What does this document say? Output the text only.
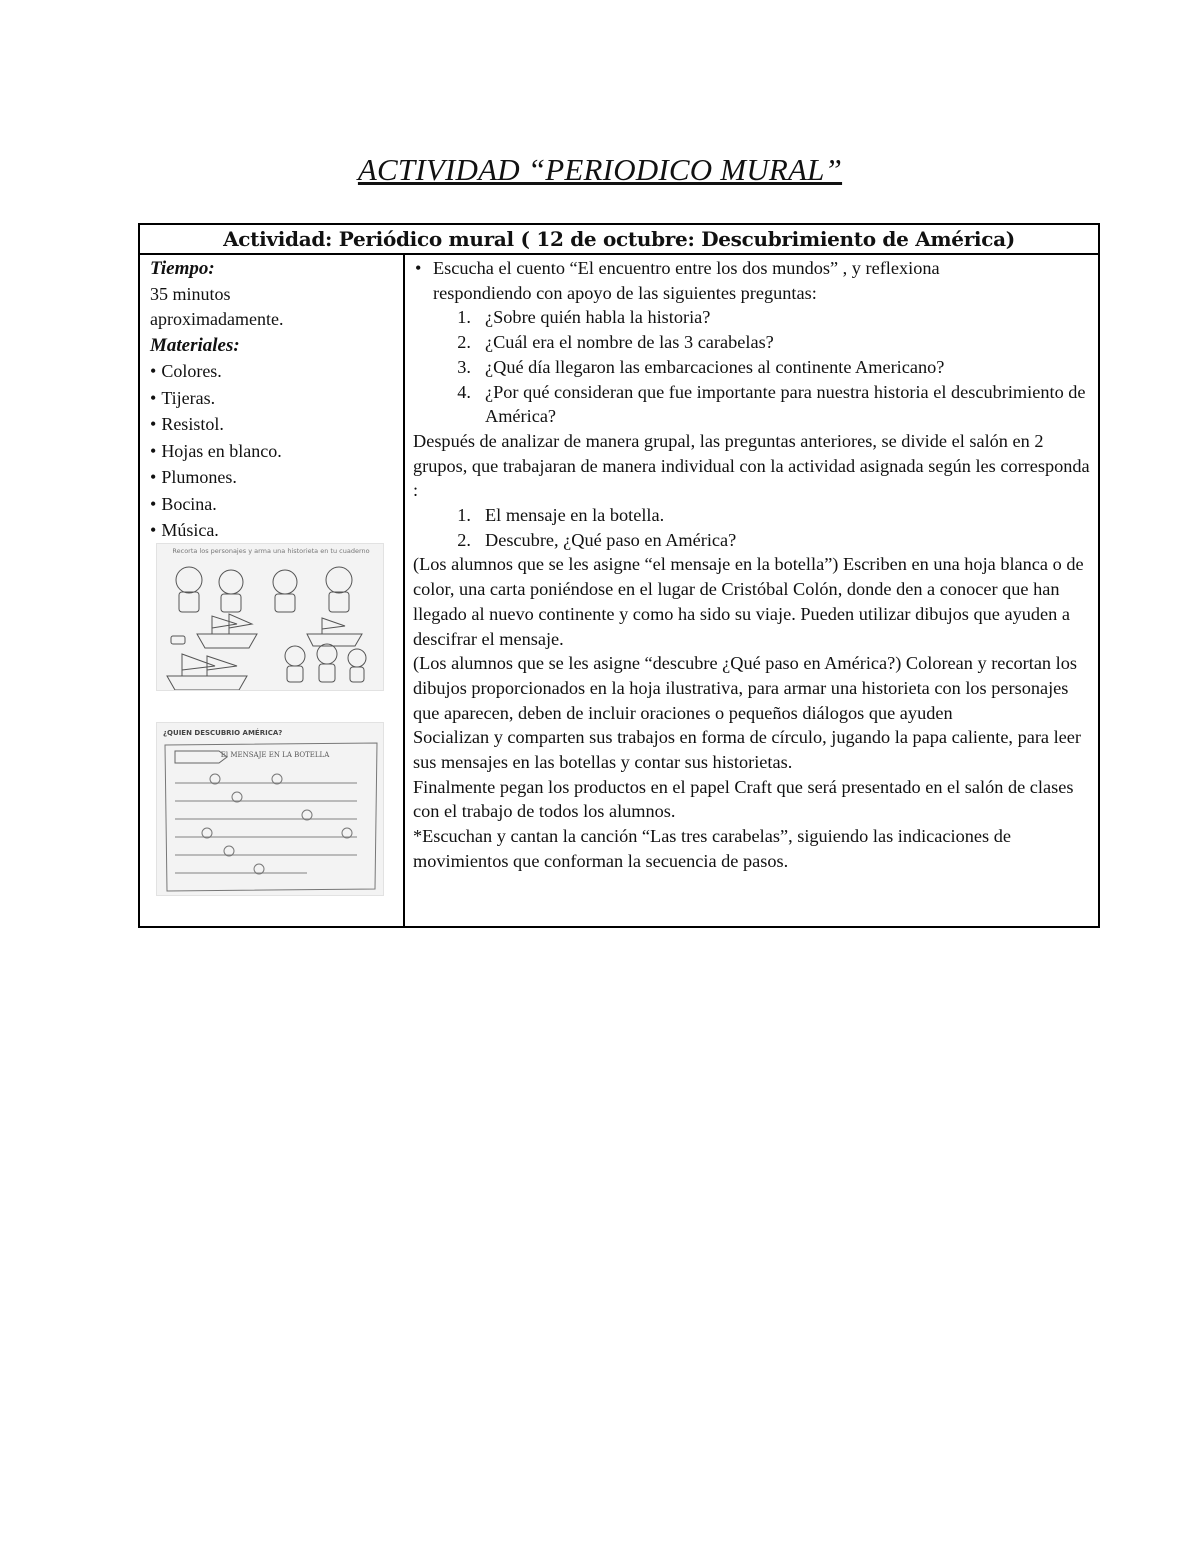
ACTIVIDAD “PERIODICO MURAL”
Actividad: Periódico mural ( 12 de octubre: Descubrimiento de América)
Tiempo:
35 minutos
aproximadamente.
Materiales:
• Colores.
• Tijeras.
• Resistol.
• Hojas en blanco.
• Plumones.
• Bocina.
• Música.
Recorta los personajes y arma una historieta en tu cuaderno
¿QUIEN DESCUBRIO AMÉRICA?
El MENSAJE EN LA BOTELLA
• Escucha el cuento “El encuentro entre los dos mundos” , y reflexiona
respondiendo con apoyo de las siguientes preguntas:
1. ¿Sobre quién habla la historia?
2. ¿Cuál era el nombre de las 3 carabelas?
3. ¿Qué día llegaron las embarcaciones al continente Americano?
4. ¿Por qué consideran que fue importante para nuestra historia el descubrimiento de América?

Después de analizar de manera grupal, las preguntas anteriores, se divide el salón en 2 grupos, que trabajaran de manera individual con la actividad asignada según les corresponda :

1. El mensaje en la botella.
2. Descubre, ¿Qué paso en América?

(Los alumnos que se les asigne “el mensaje en la botella”) Escriben en una hoja blanca o de color, una carta poniéndose en el lugar de Cristóbal Colón, donde den a conocer que han llegado al nuevo continente y como ha sido su viaje. Pueden utilizar dibujos que ayuden a descifrar el mensaje.

(Los alumnos que se les asigne “descubre ¿Qué paso en América?) Colorean y recortan los dibujos proporcionados en la hoja ilustrativa, para armar una historieta con los personajes que aparecen, deben de incluir oraciones o pequeños diálogos que ayuden

Socializan y comparten sus trabajos en forma de círculo, jugando la papa caliente, para leer sus mensajes en las botellas y contar sus historietas.

Finalmente pegan los productos en el papel Craft que será presentado en el salón de clases con el trabajo de todos los alumnos.

*Escuchan y cantan la canción “Las tres carabelas”, siguiendo las indicaciones de movimientos que conforman la secuencia de pasos.
